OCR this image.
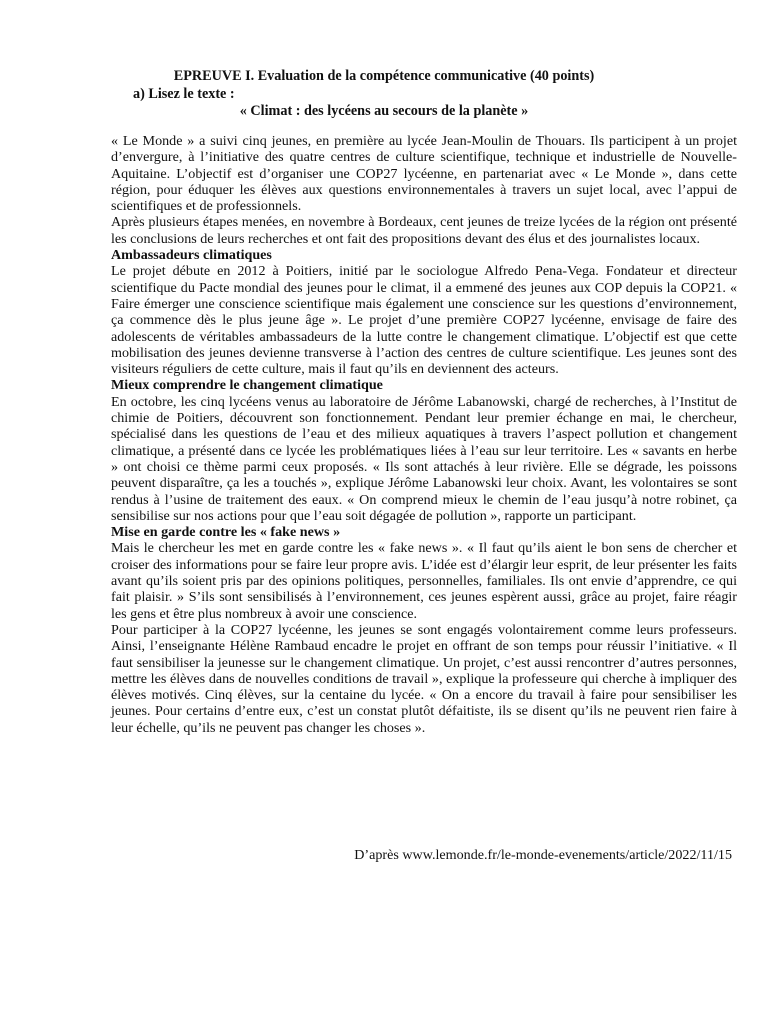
EPREUVE I. Evaluation de la compétence communicative (40 points)

a) Lisez le texte :

« Climat : des lycéens au secours de la planète »

« Le Monde » a suivi cinq jeunes, en première au lycée Jean-Moulin de Thouars. Ils participent à un projet d’envergure, à l’initiative des quatre centres de culture scientifique, technique et industrielle de Nouvelle-Aquitaine. L’objectif est d’organiser une COP27 lycéenne, en partenariat avec « Le Monde », dans cette région, pour éduquer les élèves aux questions environnementales à travers un sujet local, avec l’appui de scientifiques et de professionnels.

Après plusieurs étapes menées, en novembre à Bordeaux, cent jeunes de treize lycées de la région ont présenté les conclusions de leurs recherches et ont fait des propositions devant des élus et des journalistes locaux.

Ambassadeurs climatiques

Le projet débute en 2012 à Poitiers, initié par le sociologue Alfredo Pena-Vega. Fondateur et directeur scientifique du Pacte mondial des jeunes pour le climat, il a emmené des jeunes aux COP depuis la COP21. « Faire émerger une conscience scientifique mais également une conscience sur les questions d’environnement, ça commence dès le plus jeune âge ». Le projet d’une première COP27 lycéenne, envisage de faire des adolescents de véritables ambassadeurs de la lutte contre le changement climatique. L’objectif est que cette mobilisation des jeunes devienne transverse à l’action des centres de culture scientifique. Les jeunes sont des visiteurs réguliers de cette culture, mais il faut qu’ils en deviennent des acteurs.

Mieux comprendre le changement climatique

En octobre, les cinq lycéens venus au laboratoire de Jérôme Labanowski, chargé de recherches, à l’Institut de chimie de Poitiers, découvrent son fonctionnement. Pendant leur premier échange en mai, le chercheur, spécialisé dans les questions de l’eau et des milieux aquatiques à travers l’aspect pollution et changement climatique, a présenté dans ce lycée les problématiques liées à l’eau sur leur territoire. Les « savants en herbe » ont choisi ce thème parmi ceux proposés. « Ils sont attachés à leur rivière. Elle se dégrade, les poissons peuvent disparaître, ça les a touchés », explique Jérôme Labanowski leur choix. Avant, les volontaires se sont rendus à l’usine de traitement des eaux. « On comprend mieux le chemin de l’eau jusqu’à notre robinet, ça sensibilise sur nos actions pour que l’eau soit dégagée de pollution », rapporte un participant.

Mise en garde contre les « fake news »

Mais le chercheur les met en garde contre les « fake news ». « Il faut qu’ils aient le bon sens de chercher et croiser des informations pour se faire leur propre avis. L’idée est d’élargir leur esprit, de leur présenter les faits avant qu’ils soient pris par des opinions politiques, personnelles, familiales. Ils ont envie d’apprendre, ce qui fait plaisir. » S’ils sont sensibilisés à l’environnement, ces jeunes espèrent aussi, grâce au projet, faire réagir les gens et être plus nombreux à avoir une conscience.

Pour participer à la COP27 lycéenne, les jeunes se sont engagés volontairement comme leurs professeurs. Ainsi, l’enseignante Hélène Rambaud encadre le projet en offrant de son temps pour réussir l’initiative. « Il faut sensibiliser la jeunesse sur le changement climatique. Un projet, c’est aussi rencontrer d’autres personnes, mettre les élèves dans de nouvelles conditions de travail », explique la professeure qui cherche à impliquer des élèves motivés. Cinq élèves, sur la centaine du lycée. « On a encore du travail à faire pour sensibiliser les jeunes. Pour certains d’entre eux, c’est un constat plutôt défaitiste, ils se disent qu’ils ne peuvent rien faire à leur échelle, qu’ils ne peuvent pas changer les choses ».

D’après www.lemonde.fr/le-monde-evenements/article/2022/11/15
